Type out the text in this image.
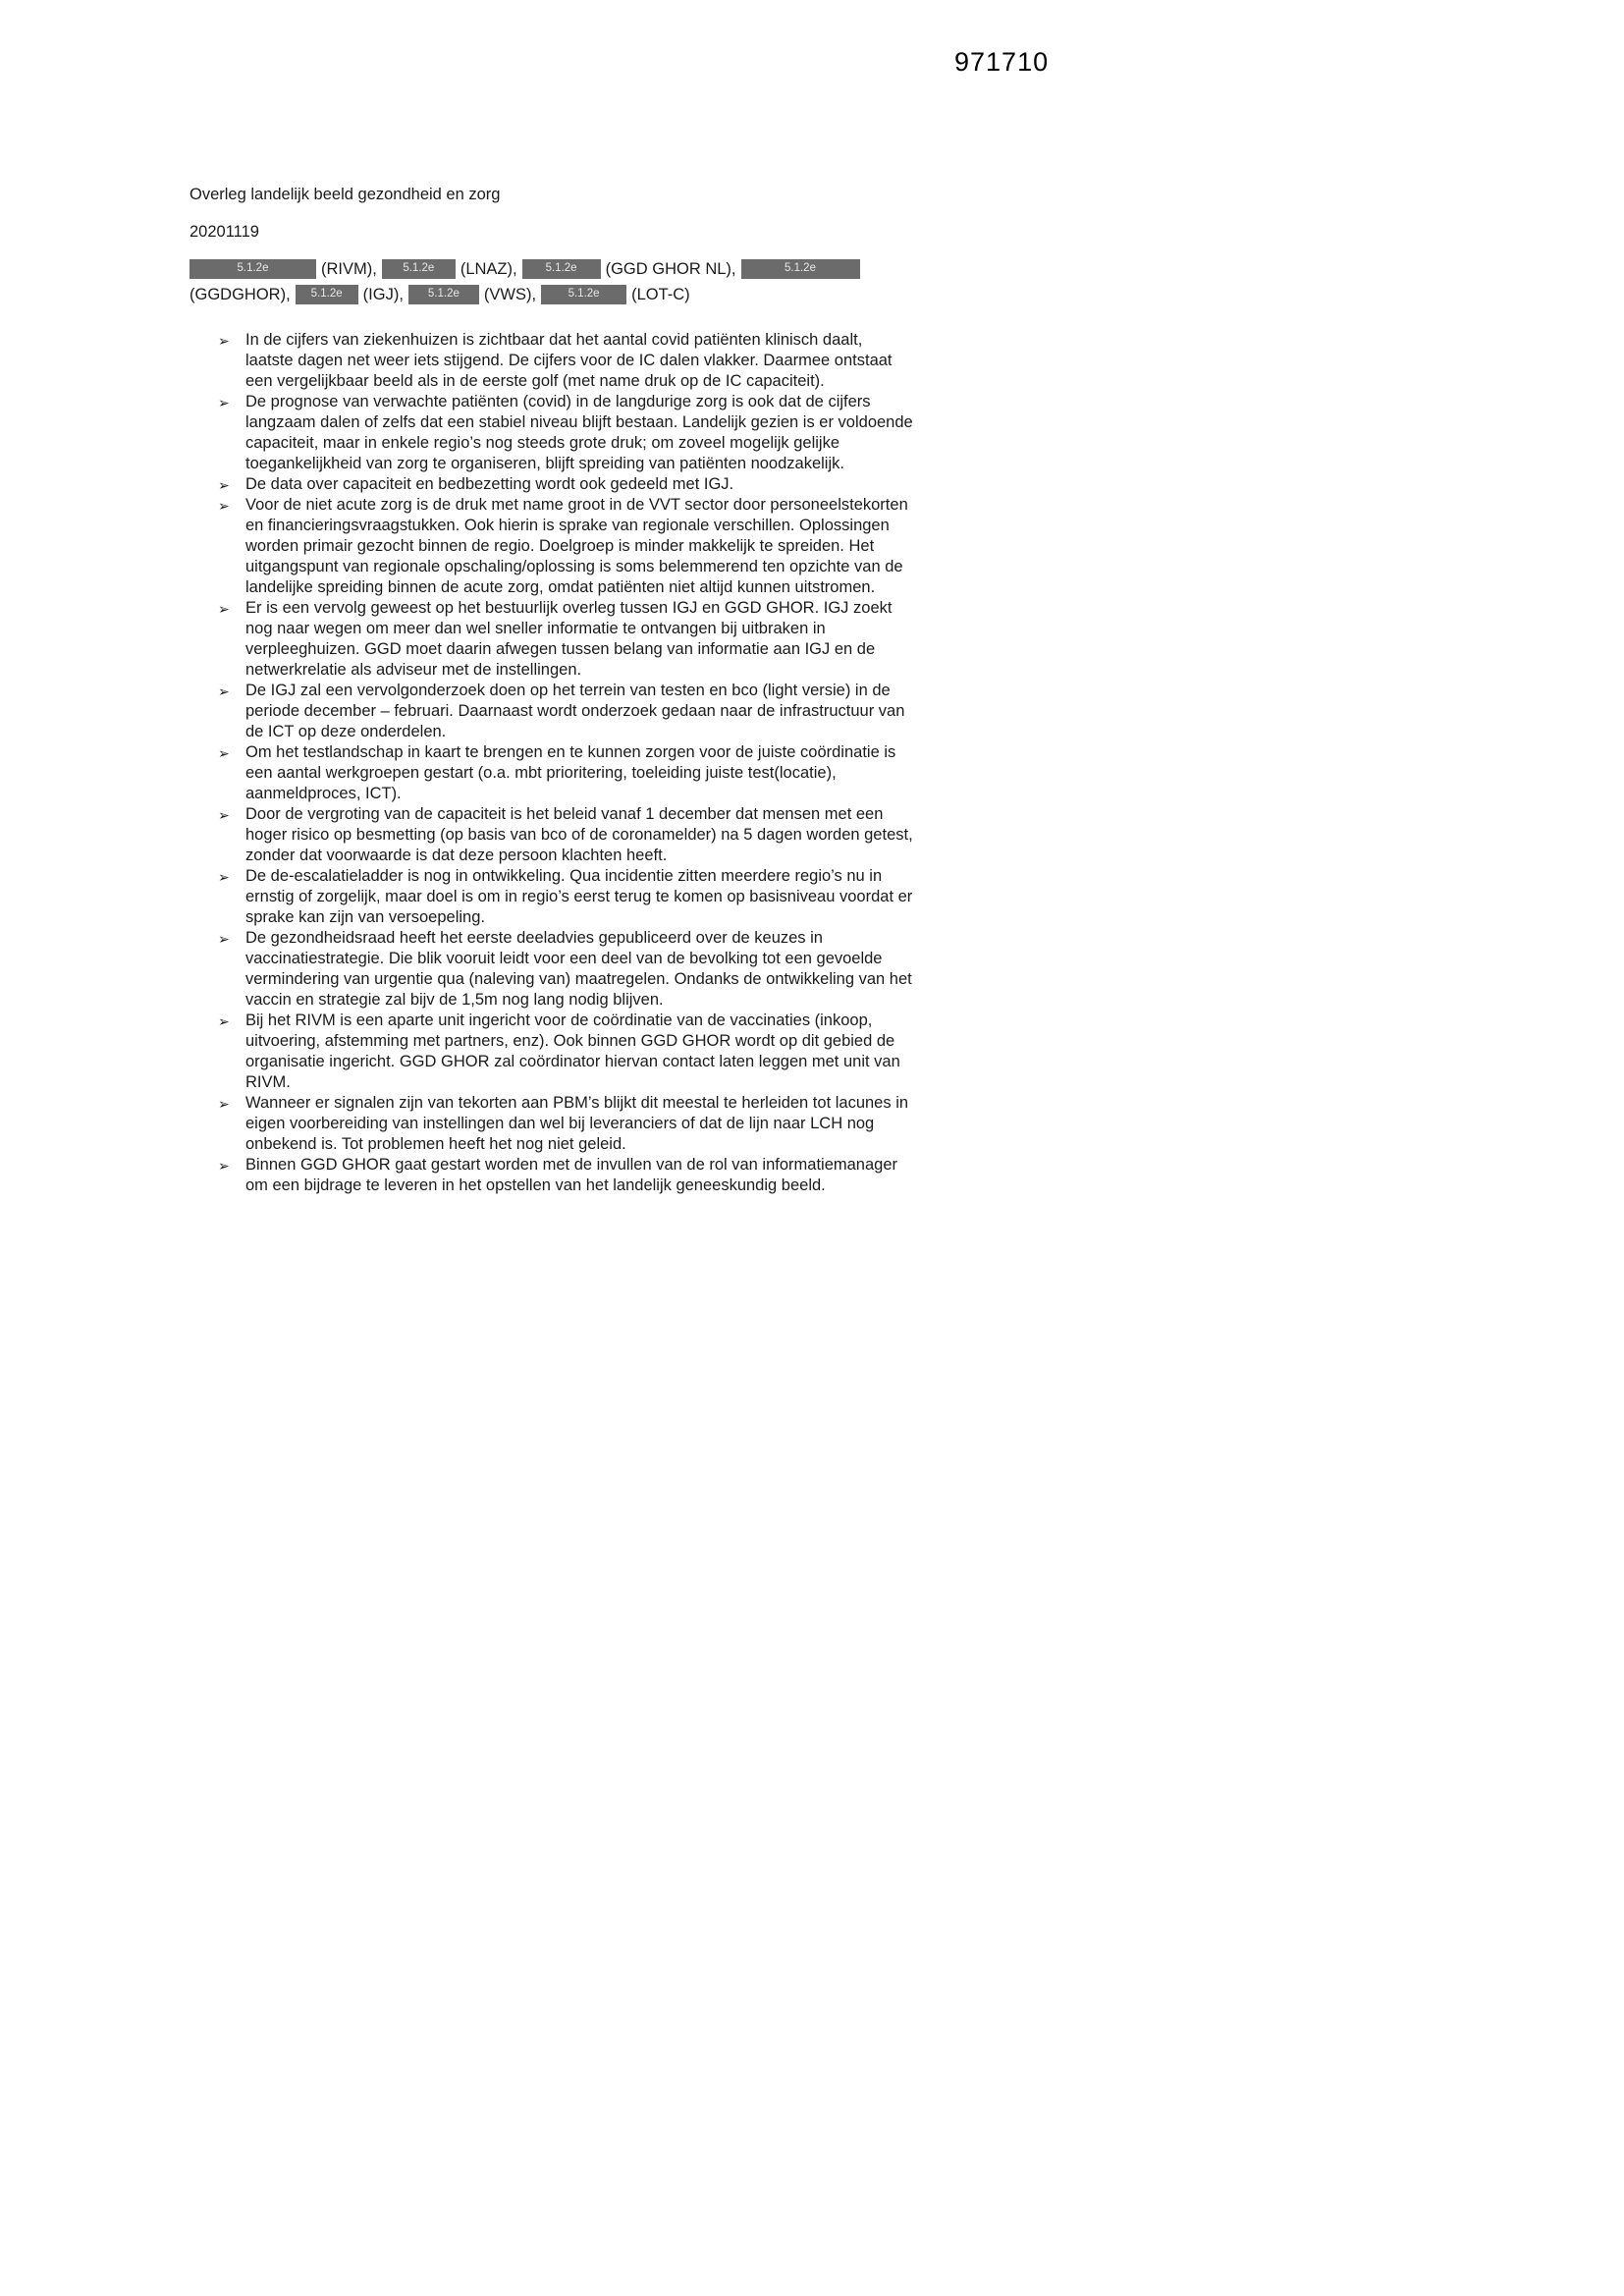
971710
Overleg landelijk beeld gezondheid en zorg
20201119
5.1.2e	(RIVM), 5.1.2e (LNAZ),	5.1.2e (GGD GHOR NL),	5.1.2e
(GGDGHOR), 5.1.2e (IGJ), 5.1.2e (VWS),	5.1.2e (LOT-C)
➢ In de cijfers van ziekenhuizen is zichtbaar dat het aantal covid patiënten klinisch daalt, laatste dagen net weer iets stijgend. De cijfers voor de IC dalen vlakker. Daarmee ontstaat een vergelijkbaar beeld als in de eerste golf (met name druk op de IC capaciteit).
➢ De prognose van verwachte patiënten (covid) in de langdurige zorg is ook dat de cijfers langzaam dalen of zelfs dat een stabiel niveau blijft bestaan. Landelijk gezien is er voldoende capaciteit, maar in enkele regio’s nog steeds grote druk; om zoveel mogelijk gelijke toegankelijkheid van zorg te organiseren, blijft spreiding van patiënten noodzakelijk.
➢ De data over capaciteit en bedbezetting wordt ook gedeeld met IGJ.
➢ Voor de niet acute zorg is de druk met name groot in de VVT sector door personeelstekorten en financieringsvraagstukken. Ook hierin is sprake van regionale verschillen. Oplossingen worden primair gezocht binnen de regio. Doelgroep is minder makkelijk te spreiden. Het uitgangspunt van regionale opschaling/oplossing is soms belemmerend ten opzichte van de landelijke spreiding binnen de acute zorg, omdat patiënten niet altijd kunnen uitstromen.
➢ Er is een vervolg geweest op het bestuurlijk overleg tussen IGJ en GGD GHOR. IGJ zoekt nog naar wegen om meer dan wel sneller informatie te ontvangen bij uitbraken in verpleeghuizen. GGD moet daarin afwegen tussen belang van informatie aan IGJ en de netwerkrelatie als adviseur met de instellingen.
➢ De IGJ zal een vervolgonderzoek doen op het terrein van testen en bco (light versie) in de periode december – februari. Daarnaast wordt onderzoek gedaan naar de infrastructuur van de ICT op deze onderdelen.
➢ Om het testlandschap in kaart te brengen en te kunnen zorgen voor de juiste coördinatie is een aantal werkgroepen gestart (o.a. mbt prioritering, toeleiding juiste test(locatie), aanmeldproces, ICT).
➢ Door de vergroting van de capaciteit is het beleid vanaf 1 december dat mensen met een hoger risico op besmetting (op basis van bco of de coronamelder) na 5 dagen worden getest, zonder dat voorwaarde is dat deze persoon klachten heeft.
➢ De de-escalatieladder is nog in ontwikkeling. Qua incidentie zitten meerdere regio’s nu in ernstig of zorgelijk, maar doel is om in regio’s eerst terug te komen op basisniveau voordat er sprake kan zijn van versoepeling.
➢ De gezondheidsraad heeft het eerste deeladvies gepubliceerd over de keuzes in vaccinatiestrategie. Die blik vooruit leidt voor een deel van de bevolking tot een gevoelde vermindering van urgentie qua (naleving van) maatregelen. Ondanks de ontwikkeling van het vaccin en strategie zal bijv de 1,5m nog lang nodig blijven.
➢ Bij het RIVM is een aparte unit ingericht voor de coördinatie van de vaccinaties (inkoop, uitvoering, afstemming met partners, enz). Ook binnen GGD GHOR wordt op dit gebied de organisatie ingericht. GGD GHOR zal coördinator hiervan contact laten leggen met unit van RIVM.
➢ Wanneer er signalen zijn van tekorten aan PBM’s blijkt dit meestal te herleiden tot lacunes in eigen voorbereiding van instellingen dan wel bij leveranciers of dat de lijn naar LCH nog onbekend is. Tot problemen heeft het nog niet geleid.
➢ Binnen GGD GHOR gaat gestart worden met de invullen van de rol van informatiemanager om een bijdrage te leveren in het opstellen van het landelijk geneeskundig beeld.
